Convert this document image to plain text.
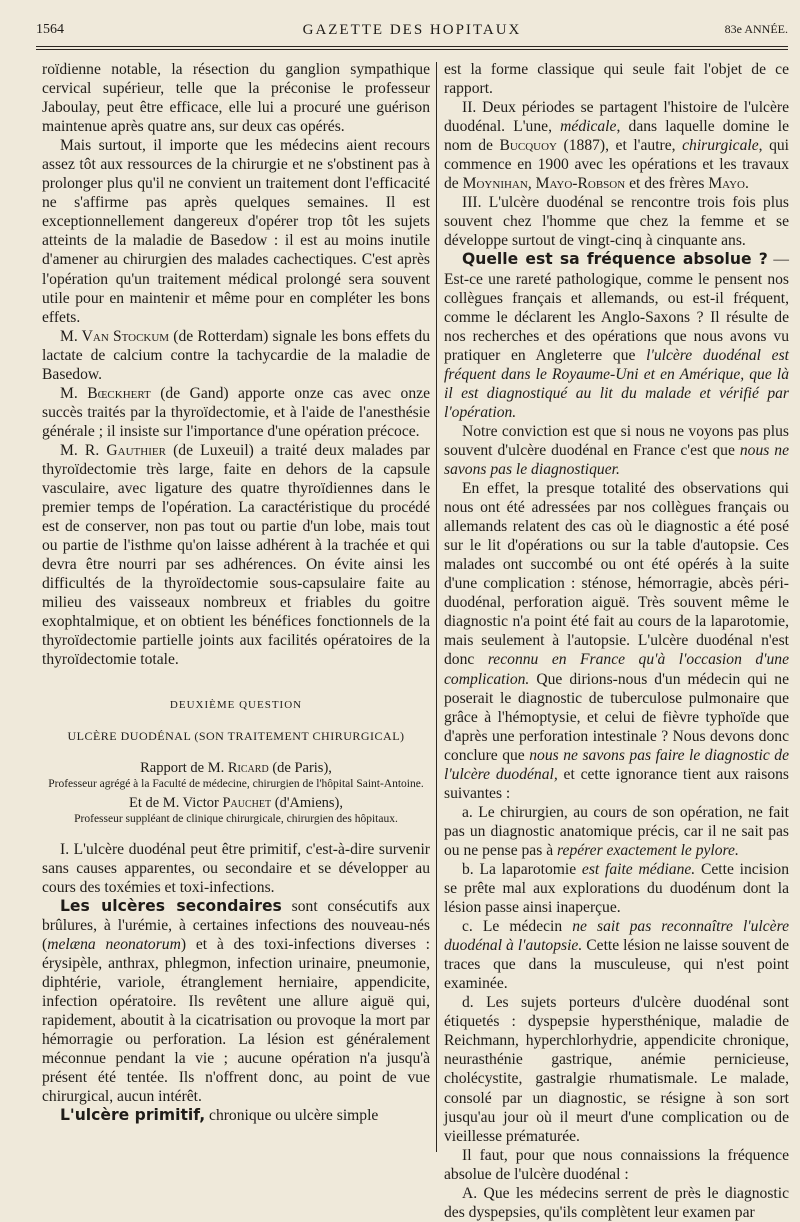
1564	GAZETTE DES HOPITAUX	83e ANNÉE.

roïdienne notable, la résection du ganglion sympathique cervical supérieur, telle que la préconise le professeur Jaboulay, peut être efficace, elle lui a procuré une guérison maintenue après quatre ans, sur deux cas opérés.

Mais surtout, il importe que les médecins aient recours assez tôt aux ressources de la chirurgie et ne s'obstinent pas à prolonger plus qu'il ne convient un traitement dont l'efficacité ne s'affirme pas après quelques semaines. Il est exceptionnellement dangereux d'opérer trop tôt les sujets atteints de la maladie de Basedow : il est au moins inutile d'amener au chirurgien des malades cachectiques. C'est après l'opération qu'un traitement médical prolongé sera souvent utile pour en maintenir et même pour en compléter les bons effets.

M. Van Stockum (de Rotterdam) signale les bons effets du lactate de calcium contre la tachycardie de la maladie de Basedow.

M. Bœckhert (de Gand) apporte onze cas avec onze succès traités par la thyroïdectomie, et à l'aide de l'anesthésie générale ; il insiste sur l'importance d'une opération précoce.

M. R. Gauthier (de Luxeuil) a traité deux malades par thyroïdectomie très large, faite en dehors de la capsule vasculaire, avec ligature des quatre thyroïdiennes dans le premier temps de l'opération. La caractéristique du procédé est de conserver, non pas tout ou partie d'un lobe, mais tout ou partie de l'isthme qu'on laisse adhérent à la trachée et qui devra être nourri par ses adhérences. On évite ainsi les difficultés de la thyroïdectomie sous-capsulaire faite au milieu des vaisseaux nombreux et friables du goitre exophtalmique, et on obtient les bénéfices fonctionnels de la thyroïdectomie partielle joints aux facilités opératoires de la thyroïdectomie totale.

DEUXIÈME QUESTION

ULCÈRE DUODÉNAL (SON TRAITEMENT CHIRURGICAL)

Rapport de M. Ricard (de Paris),

Professeur agrégé à la Faculté de médecine, chirurgien de l'hôpital Saint-Antoine.

Et de M. Victor Pauchet (d'Amiens),

Professeur suppléant de clinique chirurgicale, chirurgien des hôpitaux.

I. L'ulcère duodénal peut être primitif, c'est-à-dire survenir sans causes apparentes, ou secondaire et se développer au cours des toxémies et toxi-infections.

Les ulcères secondaires sont consécutifs aux brûlures, à l'urémie, à certaines infections des nouveau-nés (melæna neonatorum) et à des toxi-infections diverses : érysipèle, anthrax, phlegmon, infection urinaire, pneumonie, diphtérie, variole, étranglement herniaire, appendicite, infection opératoire. Ils revêtent une allure aiguë qui, rapidement, aboutit à la cicatrisation ou provoque la mort par hémorragie ou perforation. La lésion est généralement méconnue pendant la vie ; aucune opération n'a jusqu'à présent été tentée. Ils n'offrent donc, au point de vue chirurgical, aucun intérêt.

L'ulcère primitif, chronique ou ulcère simple

est la forme classique qui seule fait l'objet de ce rapport.

II. Deux périodes se partagent l'histoire de l'ulcère duodénal. L'une, médicale, dans laquelle domine le nom de Bucquoy (1887), et l'autre, chirurgicale, qui commence en 1900 avec les opérations et les travaux de Moynihan, Mayo-Robson et des frères Mayo.

III. L'ulcère duodénal se rencontre trois fois plus souvent chez l'homme que chez la femme et se développe surtout de vingt-cinq à cinquante ans.

Quelle est sa fréquence absolue ? — Est-ce une rareté pathologique, comme le pensent nos collègues français et allemands, ou est-il fréquent, comme le déclarent les Anglo-Saxons ? Il résulte de nos recherches et des opérations que nous avons vu pratiquer en Angleterre que l'ulcère duodénal est fréquent dans le Royaume-Uni et en Amérique, que là il est diagnostiqué au lit du malade et vérifié par l'opération.

Notre conviction est que si nous ne voyons pas plus souvent d'ulcère duodénal en France c'est que nous ne savons pas le diagnostiquer.

En effet, la presque totalité des observations qui nous ont été adressées par nos collègues français ou allemands relatent des cas où le diagnostic a été posé sur le lit d'opérations ou sur la table d'autopsie. Ces malades ont succombé ou ont été opérés à la suite d'une complication : sténose, hémorragie, abcès péri-duodénal, perforation aiguë. Très souvent même le diagnostic n'a point été fait au cours de la laparotomie, mais seulement à l'autopsie. L'ulcère duodénal n'est donc reconnu en France qu'à l'occasion d'une complication. Que dirions-nous d'un médecin qui ne poserait le diagnostic de tuberculose pulmonaire que grâce à l'hémoptysie, et celui de fièvre typhoïde que d'après une perforation intestinale ? Nous devons donc conclure que nous ne savons pas faire le diagnostic de l'ulcère duodénal, et cette ignorance tient aux raisons suivantes :

a. Le chirurgien, au cours de son opération, ne fait pas un diagnostic anatomique précis, car il ne sait pas ou ne pense pas à repérer exactement le pylore.

b. La laparotomie est faite médiane. Cette incision se prête mal aux explorations du duodénum dont la lésion passe ainsi inaperçue.

c. Le médecin ne sait pas reconnaître l'ulcère duodénal à l'autopsie. Cette lésion ne laisse souvent de traces que dans la musculeuse, qui n'est point examinée.

d. Les sujets porteurs d'ulcère duodénal sont étiquetés : dyspepsie hypersthénique, maladie de Reichmann, hyperchlorhydrie, appendicite chronique, neurasthénie gastrique, anémie pernicieuse, cholécystite, gastralgie rhumatismale. Le malade, consolé par un diagnostic, se résigne à son sort jusqu'au jour où il meurt d'une complication ou de vieillesse prématurée.

Il faut, pour que nous connaissions la fréquence absolue de l'ulcère duodénal :

A. Que les médecins serrent de près le diagnostic des dyspepsies, qu'ils complètent leur examen par
